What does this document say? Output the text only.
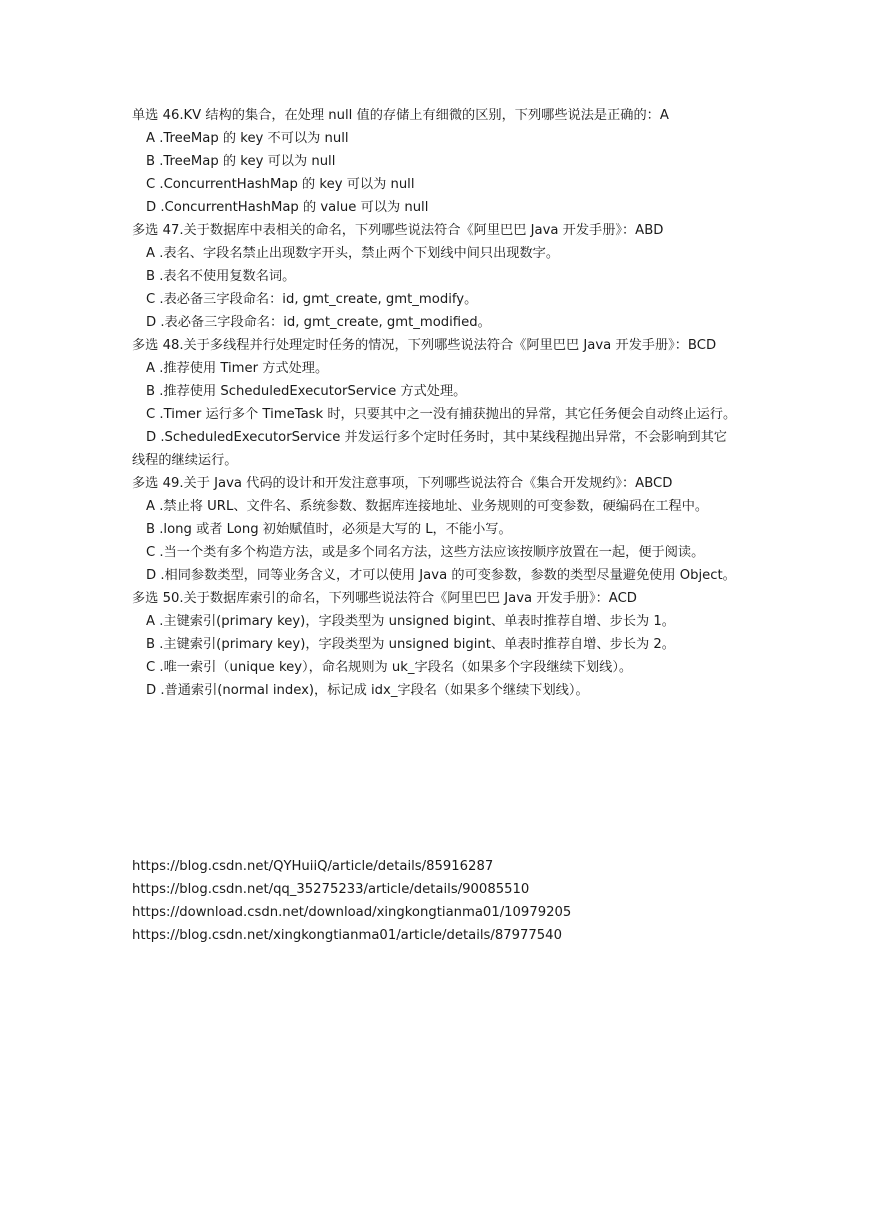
单选 46.KV 结构的集合，在处理 null 值的存储上有细微的区别，下列哪些说法是正确的：A

A .TreeMap 的 key 不可以为 null

B .TreeMap 的 key 可以为 null

C .ConcurrentHashMap 的 key 可以为 null

D .ConcurrentHashMap 的 value 可以为 null

多选 47.关于数据库中表相关的命名，下列哪些说法符合《阿里巴巴 Java 开发手册》：ABD

A .表名、字段名禁止出现数字开头，禁止两个下划线中间只出现数字。

B .表名不使用复数名词。

C .表必备三字段命名：id, gmt_create, gmt_modify。

D .表必备三字段命名：id, gmt_create, gmt_modified。

多选 48.关于多线程并行处理定时任务的情况，下列哪些说法符合《阿里巴巴 Java 开发手册》：BCD

A .推荐使用 Timer 方式处理。

B .推荐使用 ScheduledExecutorService 方式处理。

C .Timer 运行多个 TimeTask 时，只要其中之一没有捕获抛出的异常，其它任务便会自动终止运行。

D .ScheduledExecutorService 并发运行多个定时任务时，其中某线程抛出异常，不会影响到其它线程的继续运行。

多选 49.关于 Java 代码的设计和开发注意事项，下列哪些说法符合《集合开发规约》：ABCD

A .禁止将 URL、文件名、系统参数、数据库连接地址、业务规则的可变参数，硬编码在工程中。

B .long 或者 Long 初始赋值时，必须是大写的 L，不能小写。

C .当一个类有多个构造方法，或是多个同名方法，这些方法应该按顺序放置在一起，便于阅读。

D .相同参数类型，同等业务含义，才可以使用 Java 的可变参数，参数的类型尽量避免使用 Object。

多选 50.关于数据库索引的命名，下列哪些说法符合《阿里巴巴 Java 开发手册》：ACD

A .主键索引(primary key)，字段类型为 unsigned bigint、单表时推荐自增、步长为 1。

B .主键索引(primary key)，字段类型为 unsigned bigint、单表时推荐自增、步长为 2。

C .唯一索引（unique key），命名规则为 uk_字段名（如果多个字段继续下划线）。

D .普通索引(normal index)，标记成 idx_字段名（如果多个继续下划线）。

https://blog.csdn.net/QYHuiiQ/article/details/85916287

https://blog.csdn.net/qq_35275233/article/details/90085510

https://download.csdn.net/download/xingkongtianma01/10979205

https://blog.csdn.net/xingkongtianma01/article/details/87977540
